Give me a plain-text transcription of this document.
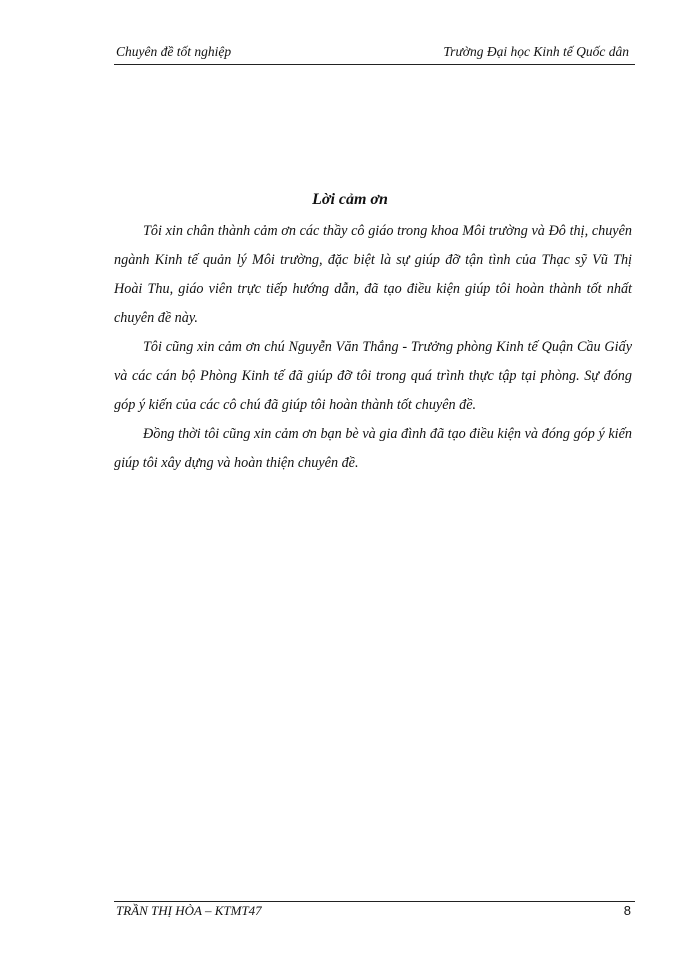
Chuyên đề tốt nghiệp	Trường Đại học Kinh tế Quốc dân
Lời cảm ơn

Tôi xin chân thành cảm ơn các thầy cô giáo trong khoa Môi trường và Đô thị, chuyên ngành Kinh tế quản lý Môi trường, đặc biệt là sự giúp đỡ tận tình của Thạc sỹ Vũ Thị Hoài Thu, giáo viên trực tiếp hướng dẫn, đã tạo điều kiện giúp tôi hoàn thành tốt nhất chuyên đề này.

Tôi cũng xin cảm ơn chú Nguyễn Văn Thắng - Trưởng phòng Kinh tế Quận Cầu Giấy và các cán bộ Phòng Kinh tế đã giúp đỡ tôi trong quá trình thực tập tại phòng. Sự đóng góp ý kiến của các cô chú đã giúp tôi hoàn thành tốt chuyên đề.

Đồng thời tôi cũng xin cảm ơn bạn bè và gia đình đã tạo điều kiện và đóng góp ý kiến giúp tôi xây dựng và hoàn thiện chuyên đề.

TRẦN THỊ HÒA – KTMT47	8
